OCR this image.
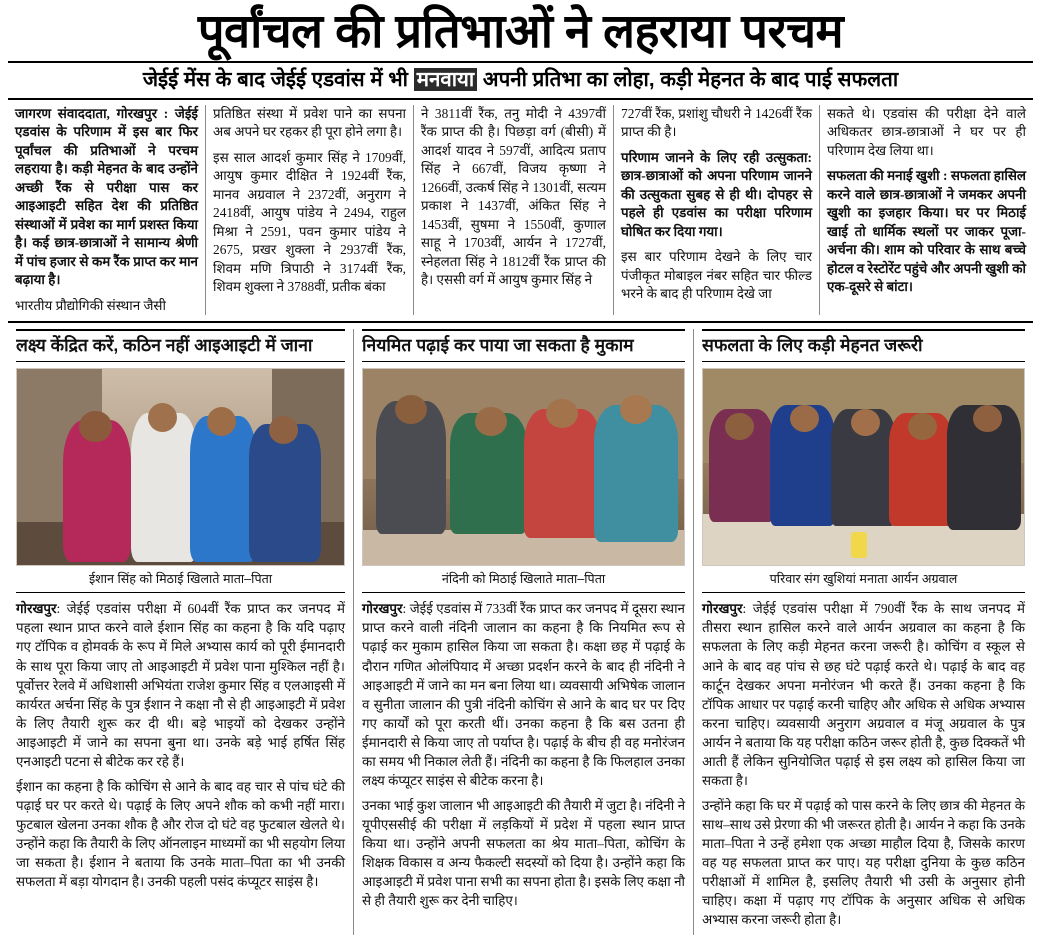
पूर्वांचल की प्रतिभाओं ने लहराया परचम
जेईई मेंस के बाद जेईई एडवांस में भी मनवाया अपनी प्रतिभा का लोहा, कड़ी मेहनत के बाद पाई सफलता

जागरण संवाददाता, गोरखपुर : जेईई एडवांस के परिणाम में इस बार फिर पूर्वांचल की प्रतिभाओं ने परचम लहराया है। कड़ी मेहनत के बाद उन्होंने अच्छी रैंक से परीक्षा पास कर आइआइटी सहित देश की प्रतिष्ठित संस्थाओं में प्रवेश का मार्ग प्रशस्त किया है। कई छात्र-छात्राओं ने सामान्य श्रेणी में पांच हजार से कम रैंक प्राप्त कर मान बढ़ाया है।

भारतीय प्रौद्योगिकी संस्थान जैसी

प्रतिष्ठित संस्था में प्रवेश पाने का सपना अब अपने घर रहकर ही पूरा होने लगा है।

इस साल आदर्श कुमार सिंह ने 1709वीं, आयुष कुमार दीक्षित ने 1924वीं रैंक, मानव अग्रवाल ने 2372वीं, अनुराग ने 2418वीं, आयुष पांडेय ने 2494, राहुल मिश्रा ने 2591, पवन कुमार पांडेय ने 2675, प्रखर शुक्ला ने 2937वीं रैंक, शिवम मणि त्रिपाठी ने 3174वीं रैंक, शिवम शुक्ला ने 3788वीं, प्रतीक बंका

ने 3811वीं रैंक, तनु मोदी ने 4397वीं रैंक प्राप्त की है। पिछड़ा वर्ग (बीसी) में आदर्श यादव ने 597वीं, आदित्य प्रताप सिंह ने 667वीं, विजय कृष्णा ने 1266वीं, उत्कर्ष सिंह ने 1301वीं, सत्यम प्रकाश ने 1437वीं, अंकित सिंह ने 1453वीं, सुषमा ने 1550वीं, कुणाल साहू ने 1703वीं, आर्यन ने 1727वीं, स्नेहलता सिंह ने 1812वीं रैंक प्राप्त की है। एससी वर्ग में आयुष कुमार सिंह ने

727वीं रैंक, प्रशांशु चौधरी ने 1426वीं रैंक प्राप्त की है।

परिणाम जानने के लिए रही उत्सुकता: छात्र-छात्राओं को अपना परिणाम जानने की उत्सुकता सुबह से ही थी। दोपहर से पहले ही एडवांस का परीक्षा परिणाम घोषित कर दिया गया।

इस बार परिणाम देखने के लिए चार पंजीकृत मोबाइल नंबर सहित चार फील्ड भरने के बाद ही परिणाम देखे जा

सकते थे। एडवांस की परीक्षा देने वाले अधिकतर छात्र-छात्राओं ने घर पर ही परिणाम देख लिया था।

सफलता की मनाई खुशी : सफलता हासिल करने वाले छात्र-छात्राओं ने जमकर अपनी खुशी का इजहार किया। घर पर मिठाई खाई तो धार्मिक स्थलों पर जाकर पूजा-अर्चना की। शाम को परिवार के साथ बच्चे होटल व रेस्टोरेंट पहुंचे और अपनी खुशी को एक-दूसरे से बांटा।

लक्ष्य केंद्रित करें, कठिन नहीं आइआइटी में जाना
ईशान सिंह को मिठाई खिलाते माता–पिता

गोरखपुर: जेईई एडवांस परीक्षा में 604वीं रैंक प्राप्त कर जनपद में पहला स्थान प्राप्त करने वाले ईशान सिंह का कहना है कि यदि पढ़ाए गए टॉपिक व होमवर्क के रूप में मिले अभ्यास कार्य को पूरी ईमानदारी के साथ पूरा किया जाए तो आइआइटी में प्रवेश पाना मुश्किल नहीं है। पूर्वोत्तर रेलवे में अधिशासी अभियंता राजेश कुमार सिंह व एलआइसी में कार्यरत अर्चना सिंह के पुत्र ईशान ने कक्षा नौ से ही आइआइटी में प्रवेश के लिए तैयारी शुरू कर दी थी। बड़े भाइयों को देखकर उन्होंने आइआइटी में जाने का सपना बुना था। उनके बड़े भाई हर्षित सिंह एनआइटी पटना से बीटेक कर रहे हैं।

ईशान का कहना है कि कोचिंग से आने के बाद वह चार से पांच घंटे की पढ़ाई घर पर करते थे। पढ़ाई के लिए अपने शौक को कभी नहीं मारा। फुटबाल खेलना उनका शौक है और रोज दो घंटे वह फुटबाल खेलते थे। उन्होंने कहा कि तैयारी के लिए ऑनलाइन माध्यमों का भी सहयोग लिया जा सकता है। ईशान ने बताया कि उनके माता–पिता का भी उनकी सफलता में बड़ा योगदान है। उनकी पहली पसंद कंप्यूटर साइंस है।

नियमित पढ़ाई कर पाया जा सकता है मुकाम
नंदिनी को मिठाई खिलाते माता–पिता

गोरखपुर: जेईई एडवांस में 733वीं रैंक प्राप्त कर जनपद में दूसरा स्थान प्राप्त करने वाली नंदिनी जालान का कहना है कि नियमित रूप से पढ़ाई कर मुकाम हासिल किया जा सकता है। कक्षा छह में पढ़ाई के दौरान गणित ओलंपियाद में अच्छा प्रदर्शन करने के बाद ही नंदिनी ने आइआइटी में जाने का मन बना लिया था। व्यवसायी अभिषेक जालान व सुनीता जालान की पुत्री नंदिनी कोचिंग से आने के बाद घर पर दिए गए कार्यों को पूरा करती थीं। उनका कहना है कि बस उतना ही ईमानदारी से किया जाए तो पर्याप्त है। पढ़ाई के बीच ही वह मनोरंजन का समय भी निकाल लेती हैं। नंदिनी का कहना है कि फिलहाल उनका लक्ष्य कंप्यूटर साइंस से बीटेक करना है।

उनका भाई कुश जालान भी आइआइटी की तैयारी में जुटा है। नंदिनी ने यूपीएससीई की परीक्षा में लड़कियों में प्रदेश में पहला स्थान प्राप्त किया था। उन्होंने अपनी सफलता का श्रेय माता–पिता, कोचिंग के शिक्षक विकास व अन्य फैकल्टी सदस्यों को दिया है। उन्होंने कहा कि आइआइटी में प्रवेश पाना सभी का सपना होता है। इसके लिए कक्षा नौ से ही तैयारी शुरू कर देनी चाहिए।

सफलता के लिए कड़ी मेहनत जरूरी
परिवार संग खुशियां मनाता आर्यन अग्रवाल

गोरखपुर: जेईई एडवांस परीक्षा में 790वीं रैंक के साथ जनपद में तीसरा स्थान हासिल करने वाले आर्यन अग्रवाल का कहना है कि सफलता के लिए कड़ी मेहनत करना जरूरी है। कोचिंग व स्कूल से आने के बाद वह पांच से छह घंटे पढ़ाई करते थे। पढ़ाई के बाद वह कार्टून देखकर अपना मनोरंजन भी करते हैं। उनका कहना है कि टॉपिक आधार पर पढ़ाई करनी चाहिए और अधिक से अधिक अभ्यास करना चाहिए। व्यवसायी अनुराग अग्रवाल व मंजू अग्रवाल के पुत्र आर्यन ने बताया कि यह परीक्षा कठिन जरूर होती है, कुछ दिक्कतें भी आती हैं लेकिन सुनियोजित पढ़ाई से इस लक्ष्य को हासिल किया जा सकता है।

उन्होंने कहा कि घर में पढ़ाई को पास करने के लिए छात्र की मेहनत के साथ–साथ उसे प्रेरणा की भी जरूरत होती है। आर्यन ने कहा कि उनके माता–पिता ने उन्हें हमेशा एक अच्छा माहौल दिया है, जिसके कारण वह यह सफलता प्राप्त कर पाए। यह परीक्षा दुनिया के कुछ कठिन परीक्षाओं में शामिल है, इसलिए तैयारी भी उसी के अनुसार होनी चाहिए। कक्षा में पढ़ाए गए टॉपिक के अनुसार अधिक से अधिक अभ्यास करना जरूरी होता है।
